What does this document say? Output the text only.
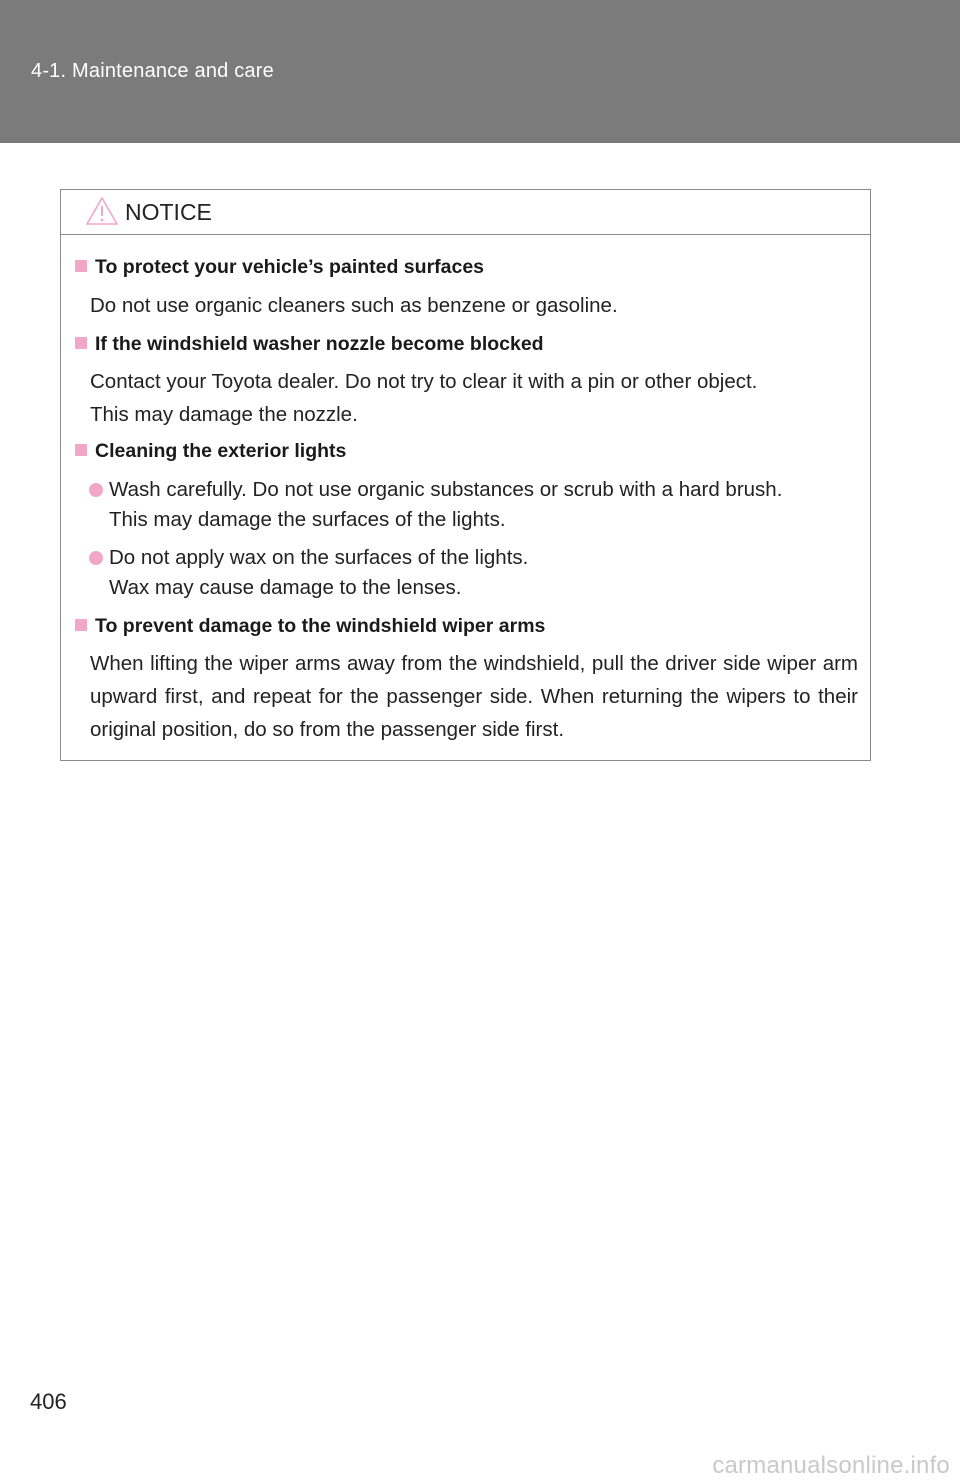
4-1. Maintenance and care
NOTICE
To protect your vehicle’s painted surfaces
Do not use organic cleaners such as benzene or gasoline.
If the windshield washer nozzle become blocked
Contact your Toyota dealer. Do not try to clear it with a pin or other object.
This may damage the nozzle.
Cleaning the exterior lights
Wash carefully. Do not use organic substances or scrub with a hard brush.
This may damage the surfaces of the lights.
Do not apply wax on the surfaces of the lights.
Wax may cause damage to the lenses.
To prevent damage to the windshield wiper arms
When lifting the wiper arms away from the windshield, pull the driver side wiper arm upward first, and repeat for the passenger side. When returning the wipers to their original position, do so from the passenger side first.
406
carmanualsonline.info
